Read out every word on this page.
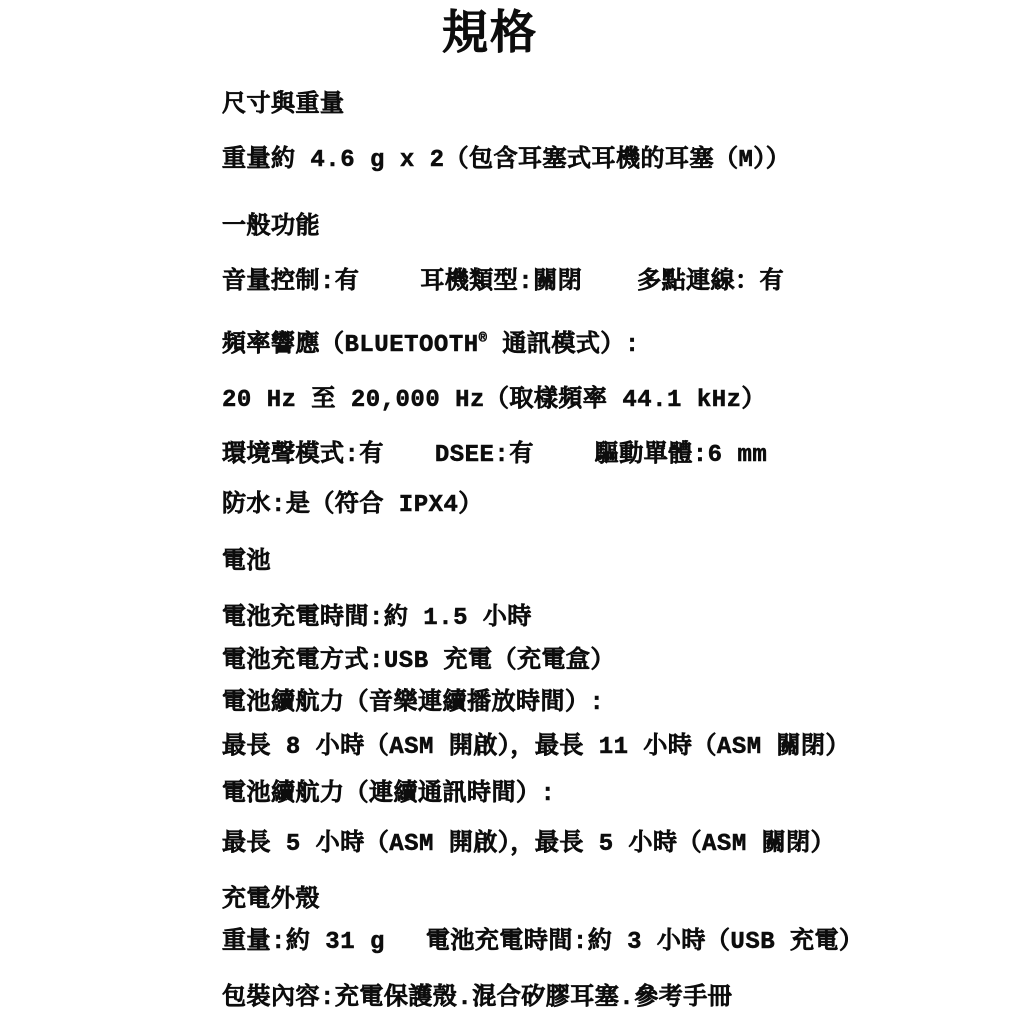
規格
尺寸與重量
重量約 4.6 g x 2（包含耳塞式耳機的耳塞（M））
一般功能
音量控制:有	耳機類型:關閉 多點連線：有
頻率響應（BLUETOOTH® 通訊模式）:
20 Hz 至 20,000 Hz（取樣頻率 44.1 kHz）
環境聲模式:有 DSEE:有	驅動單體:6 mm
防水:是（符合 IPX4）
電池
電池充電時間:約 1.5 小時
電池充電方式:USB 充電（充電盒）
電池續航力（音樂連續播放時間）:
最長 8 小時（ASM 開啟），最長 11 小時（ASM 關閉）
電池續航力（連續通訊時間）:
最長 5 小時（ASM 開啟），最長 5 小時（ASM 關閉）
充電外殼
重量:約 31 g 電池充電時間:約 3 小時（USB 充電）
包裝內容:充電保護殼.混合矽膠耳塞.參考手冊
